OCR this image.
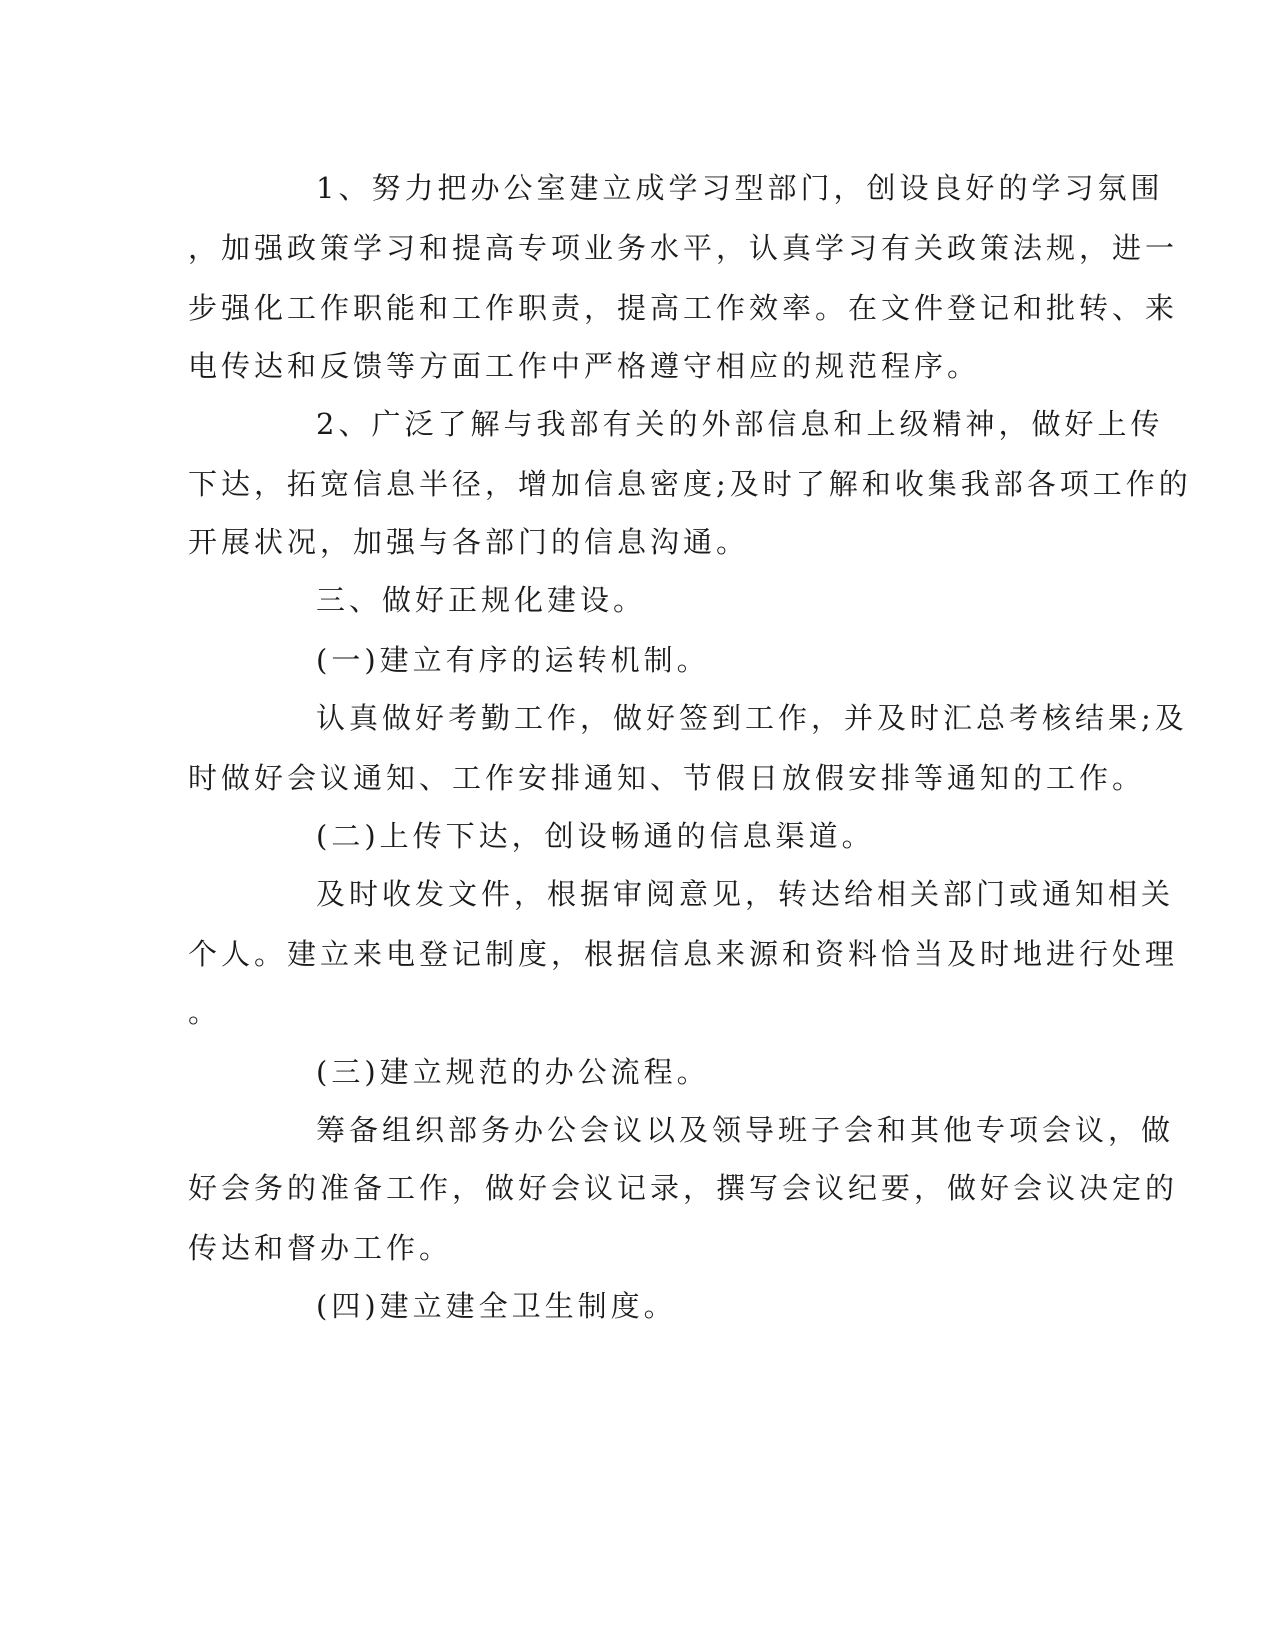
1、努力把办公室建立成学习型部门，创设良好的学习氛围
，加强政策学习和提高专项业务水平，认真学习有关政策法规，进一
步强化工作职能和工作职责，提高工作效率。在文件登记和批转、来
电传达和反馈等方面工作中严格遵守相应的规范程序。
2、广泛了解与我部有关的外部信息和上级精神，做好上传
下达，拓宽信息半径，增加信息密度;及时了解和收集我部各项工作的
开展状况，加强与各部门的信息沟通。
三、做好正规化建设。
(一)建立有序的运转机制。
认真做好考勤工作，做好签到工作，并及时汇总考核结果;及
时做好会议通知、工作安排通知、节假日放假安排等通知的工作。
(二)上传下达，创设畅通的信息渠道。
及时收发文件，根据审阅意见，转达给相关部门或通知相关
个人。建立来电登记制度，根据信息来源和资料恰当及时地进行处理
。
(三)建立规范的办公流程。
筹备组织部务办公会议以及领导班子会和其他专项会议，做
好会务的准备工作，做好会议记录，撰写会议纪要，做好会议决定的
传达和督办工作。
(四)建立建全卫生制度。
